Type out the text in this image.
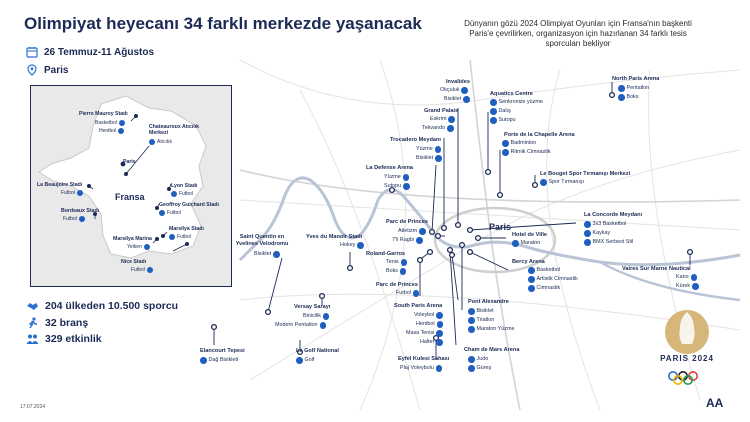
Olimpiyat heyecanı 34 farklı merkezde yaşanacak	Dünyanın gözü 2024 Olimpiyat Oyunları için Fransa'nın başkenti
Paris'e çevrilirken, organizasyon için hazırlanan 34 farklı tesis
sporcuları bekliyor
26 Temmuz-11 Ağustos
Paris
Paris
Fransa
Pierre Mauroy Stadı
Basketbol
Hentbol
Chateauroux Atıcılık Merkezi
Atıcılık
La Beaujoire Stadı
Futbol
Lyon Stadı
Futbol
Geoffroy Guichard Stadı
Futbol
Bordeaux Stadı
Futbol
Marsilya Stadı
Futbol
Marsilya Marina
Yelken
Nice Stadı
Futbol
Paris
Invalides
Okçuluk
Bisiklet
Aquatics Centre
Senkronize yüzme
Dalış
Sutopu
North Paris Arena
Pentatlon
Boks
Grand Palais
Eskrim
Tekvando
Trocadero Meydanı
Yüzme
Bisiklet
Porte de la Chapelle Arena
Badminton
Ritmik Cimnastik
La Defense Arena
Yüzme
Sutopu
Le Bouget Spor Tırmanışı Merkezi
Spor Tırmanışı
Parc de Princes
Atletizm
7'li Ragbi
La Concorde Meydanı
3x3 Basketbol
Kaykay
BMX Serbest Stil
Hotel de Ville
Maraton
Saint Quentin en Yvelines Velodromu
Bisiklet
Yves du Manoir Stadı
Hokey
Roland-Garros
Tenis
Boks
Bercy Arena
Basketbol
Artistik Cimnastik
Cimnastik
Vaires Sur Marne Nautical
Kano
Kürek
Parc de Princes
Futbol
Versay Sarayı
Binicilik
Modern Pentatlon
South Paris Arena
Voleybol
Hentbol
Masa Tenisi
Halter
Pont Alexandre
Bisiklet
Triatlon
Maraton Yüzme
Elancourt Tepesi
Dağ Bisikleti
Le Golf National
Golf
Cham de Mars Arena
Judo
Güreş
Eyfel Kulesi Sahası
Plaj Voleybolu
204 ülkeden 10.500 sporcu
32 branş
329 etkinlik
PARIS 2024
17.07.2024	AA
